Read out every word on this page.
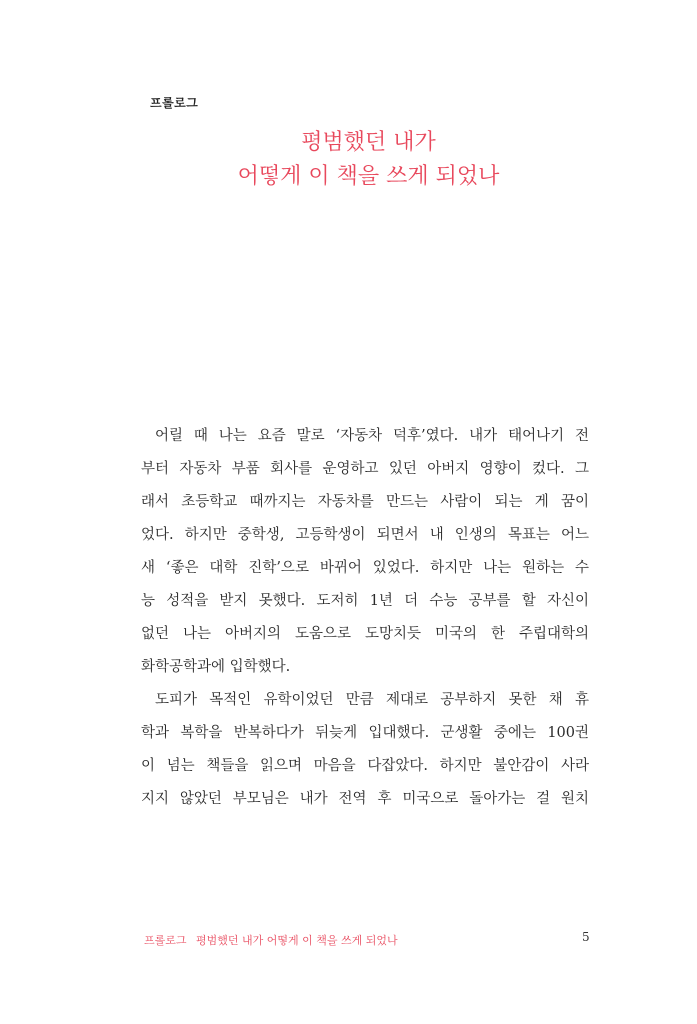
프롤로그
평범했던 내가
어떻게 이 책을 쓰게 되었나
어릴 때 나는 요즘 말로 ‘자동차 덕후’였다. 내가 태어나기 전
부터 자동차 부품 회사를 운영하고 있던 아버지 영향이 컸다. 그
래서 초등학교 때까지는 자동차를 만드는 사람이 되는 게 꿈이
었다. 하지만 중학생, 고등학생이 되면서 내 인생의 목표는 어느
새 ‘좋은 대학 진학’으로 바뀌어 있었다. 하지만 나는 원하는 수
능 성적을 받지 못했다. 도저히 1년 더 수능 공부를 할 자신이
없던 나는 아버지의 도움으로 도망치듯 미국의 한 주립대학의
화학공학과에 입학했다.
도피가 목적인 유학이었던 만큼 제대로 공부하지 못한 채 휴
학과 복학을 반복하다가 뒤늦게 입대했다. 군생활 중에는 100권
이 넘는 책들을 읽으며 마음을 다잡았다. 하지만 불안감이 사라
지지 않았던 부모님은 내가 전역 후 미국으로 돌아가는 걸 원치
프롤로그 평범했던 내가 어떻게 이 책을 쓰게 되었나	5
